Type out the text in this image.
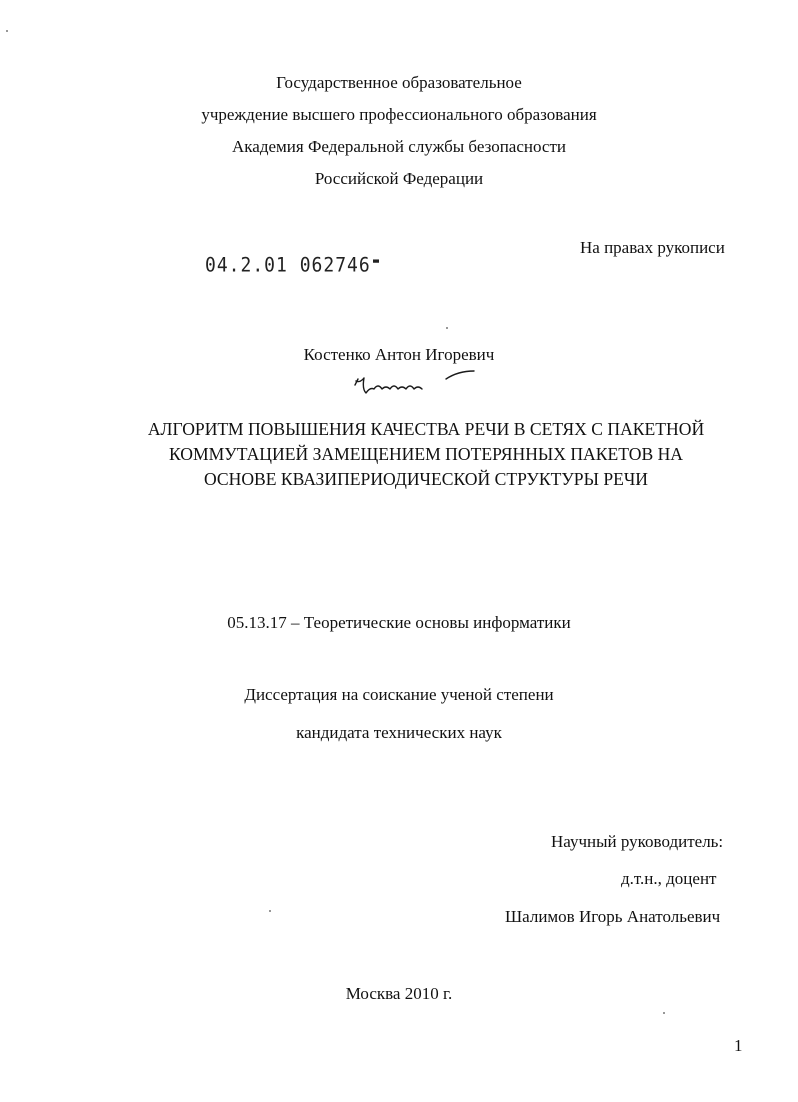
Государственное образовательное
учреждение высшего профессионального образования
Академия Федеральной службы безопасности
Российской Федерации
На правах рукописи
04.2.01 062746
Костенко Антон Игоревич
АЛГОРИТМ ПОВЫШЕНИЯ КАЧЕСТВА РЕЧИ В СЕТЯХ С ПАКЕТНОЙ
КОММУТАЦИЕЙ ЗАМЕЩЕНИЕМ ПОТЕРЯННЫХ ПАКЕТОВ НА
ОСНОВЕ КВАЗИПЕРИОДИЧЕСКОЙ СТРУКТУРЫ РЕЧИ
05.13.17 – Теоретические основы информатики
Диссертация на соискание ученой степени
кандидата технических наук
Научный руководитель:
д.т.н., доцент
Шалимов Игорь Анатольевич
Москва 2010 г.
1
